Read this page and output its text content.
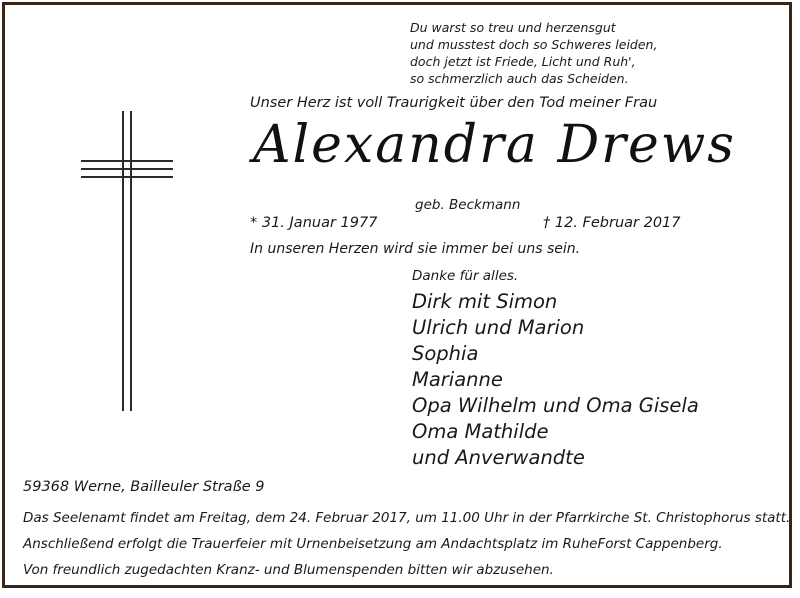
Du warst so treu und herzensgut
und musstest doch so Schweres leiden,
doch jetzt ist Friede, Licht und Ruh',
so schmerzlich auch das Scheiden.
Unser Herz ist voll Traurigkeit über den Tod meiner Frau
Alexandra Drews
geb. Beckmann
* 31. Januar 1977	† 12. Februar 2017
In unseren Herzen wird sie immer bei uns sein.
Danke für alles.
Dirk mit Simon
Ulrich und Marion
Sophia
Marianne
Opa Wilhelm und Oma Gisela
Oma Mathilde
und Anverwandte
59368 Werne, Bailleuler Straße 9
Das Seelenamt findet am Freitag, dem 24. Februar 2017, um 11.00 Uhr in der Pfarrkirche St. Christophorus statt.
Anschließend erfolgt die Trauerfeier mit Urnenbeisetzung am Andachtsplatz im RuheForst Cappenberg.
Von freundlich zugedachten Kranz- und Blumenspenden bitten wir abzusehen.
